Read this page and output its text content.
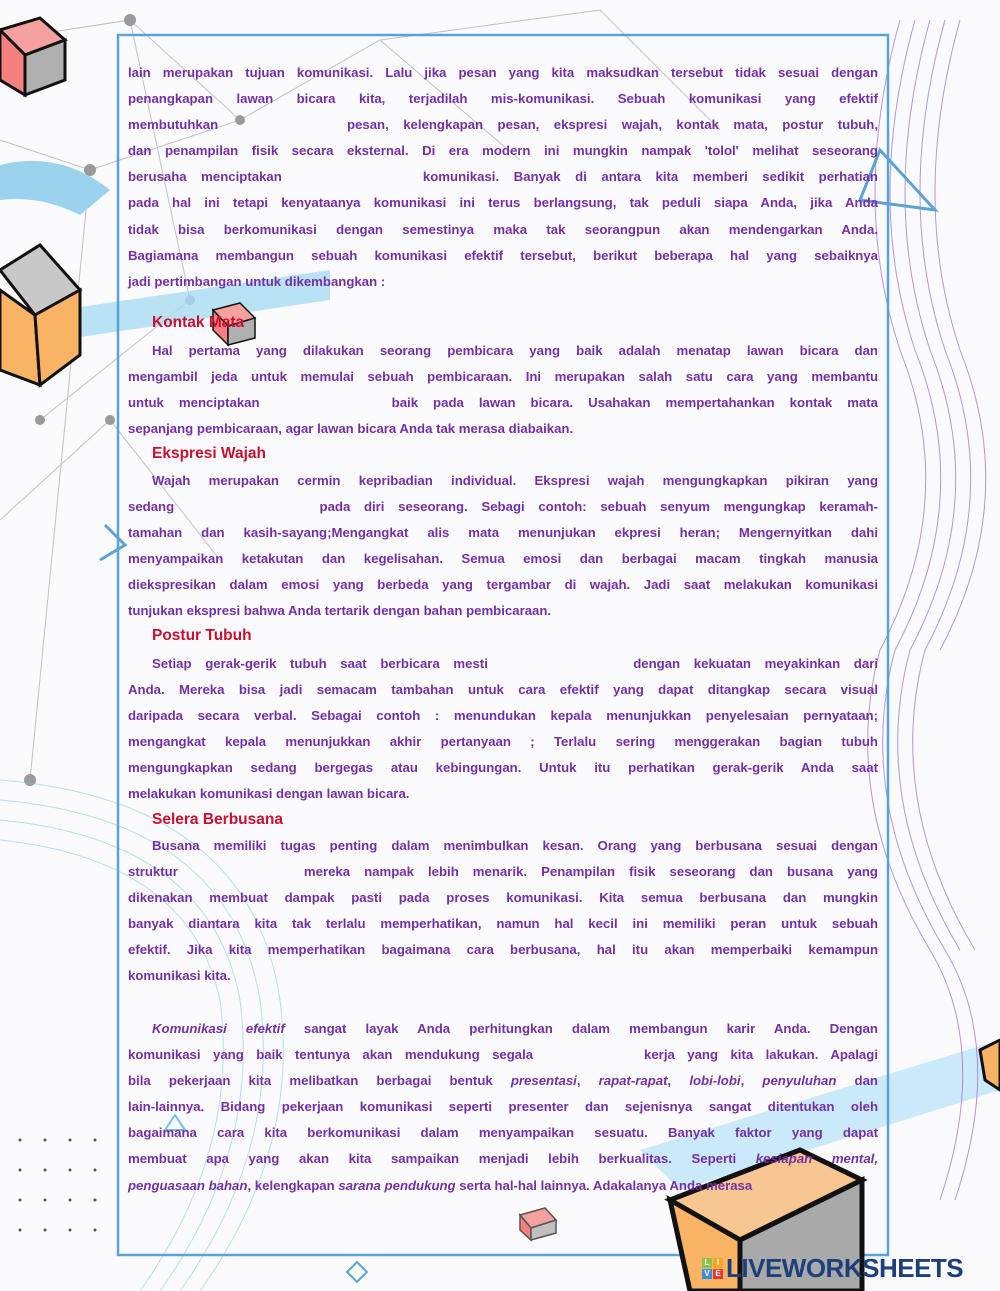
lain merupakan tujuan komunikasi. Lalu jika pesan yang kita maksudkan tersebut tidak sesuai dengan
penangkapan lawan bicara kita, terjadilah mis-komunikasi. Sebuah komunikasi yang efektif
membutuhkan	pesan, kelengkapan pesan, ekspresi wajah, kontak mata, postur tubuh,
dan penampilan fisik secara eksternal. Di era modern ini mungkin nampak 'tolol' melihat seseorang
berusaha menciptakan	komunikasi. Banyak di antara kita memberi sedikit perhatian
pada hal ini tetapi kenyataanya komunikasi ini terus berlangsung, tak peduli siapa Anda, jika Anda
tidak bisa berkomunikasi dengan semestinya maka tak seorangpun akan mendengarkan Anda.
Bagiamana membangun sebuah komunikasi efektif tersebut, berikut beberapa hal yang sebaiknya
jadi pertimbangan untuk dikembangkan :
Kontak Mata
Hal pertama yang dilakukan seorang pembicara yang baik adalah menatap lawan bicara dan
mengambil jeda untuk memulai sebuah pembicaraan. Ini merupakan salah satu cara yang membantu
untuk menciptakan	baik pada lawan bicara. Usahakan mempertahankan kontak mata
sepanjang pembicaraan, agar lawan bicara Anda tak merasa diabaikan.
Ekspresi Wajah
Wajah merupakan cermin kepribadian individual. Ekspresi wajah mengungkapkan pikiran yang
sedang	pada diri seseorang. Sebagi contoh: sebuah senyum mengungkap keramah-
tamahan dan kasih-sayang;Mengangkat alis mata menunjukan ekpresi heran; Mengernyitkan dahi
menyampaikan ketakutan dan kegelisahan. Semua emosi dan berbagai macam tingkah manusia
diekspresikan dalam emosi yang berbeda yang tergambar di wajah. Jadi saat melakukan komunikasi
tunjukan ekspresi bahwa Anda tertarik dengan bahan pembicaraan.
Postur Tubuh
Setiap gerak-gerik tubuh saat berbicara mesti	dengan kekuatan meyakinkan dari
Anda. Mereka bisa jadi semacam tambahan untuk cara efektif yang dapat ditangkap secara visual
daripada secara verbal. Sebagai contoh : menundukan kepala menunjukkan penyelesaian pernyataan;
mengangkat kepala menunjukkan akhir pertanyaan ; Terlalu sering menggerakan bagian tubuh
mengungkapkan sedang bergegas atau kebingungan. Untuk itu perhatikan gerak-gerik Anda saat
melakukan komunikasi dengan lawan bicara.
Selera Berbusana
Busana memiliki tugas penting dalam menimbulkan kesan. Orang yang berbusana sesuai dengan
struktur	mereka nampak lebih menarik. Penampilan fisik seseorang dan busana yang
dikenakan membuat dampak pasti pada proses komunikasi. Kita semua berbusana dan mungkin
banyak diantara kita tak terlalu memperhatikan, namun hal kecil ini memiliki peran untuk sebuah
efektif. Jika kita memperhatikan bagaimana cara berbusana, hal itu akan memperbaiki kemampun
komunikasi kita.
Komunikasi efektif sangat layak Anda perhitungkan dalam membangun karir Anda. Dengan
komunikasi yang baik tentunya akan mendukung segala	kerja yang kita lakukan. Apalagi
bila pekerjaan kita melibatkan berbagai bentuk presentasi, rapat-rapat, lobi-lobi, penyuluhan dan
lain-lainnya. Bidang pekerjaan komunikasi seperti presenter dan sejenisnya sangat ditentukan oleh
bagaimana cara kita berkomunikasi dalam menyampaikan sesuatu. Banyak faktor yang dapat
membuat apa yang akan kita sampaikan menjadi lebih berkualitas. Seperti kesiapan mental,
penguasaan bahan, kelengkapan sarana pendukung serta hal-hal lainnya. Adakalanya Anda merasa
L I
V E LIVEWORKSHEETS
